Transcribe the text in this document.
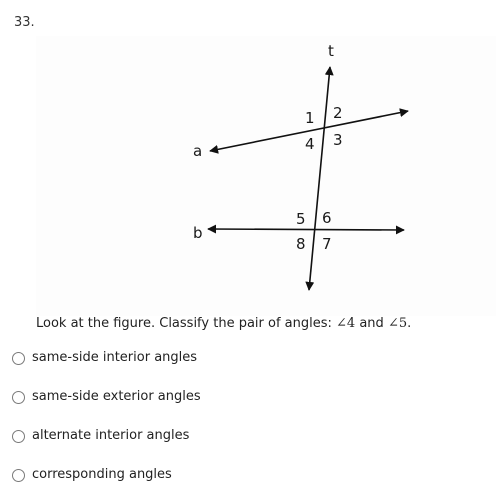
33.
t
a
b
1 2
3
4
5 6
7
8
Look at the figure. Classify the pair of angles: ∠4 and ∠5.
same-side interior angles
same-side exterior angles
alternate interior angles
corresponding angles
